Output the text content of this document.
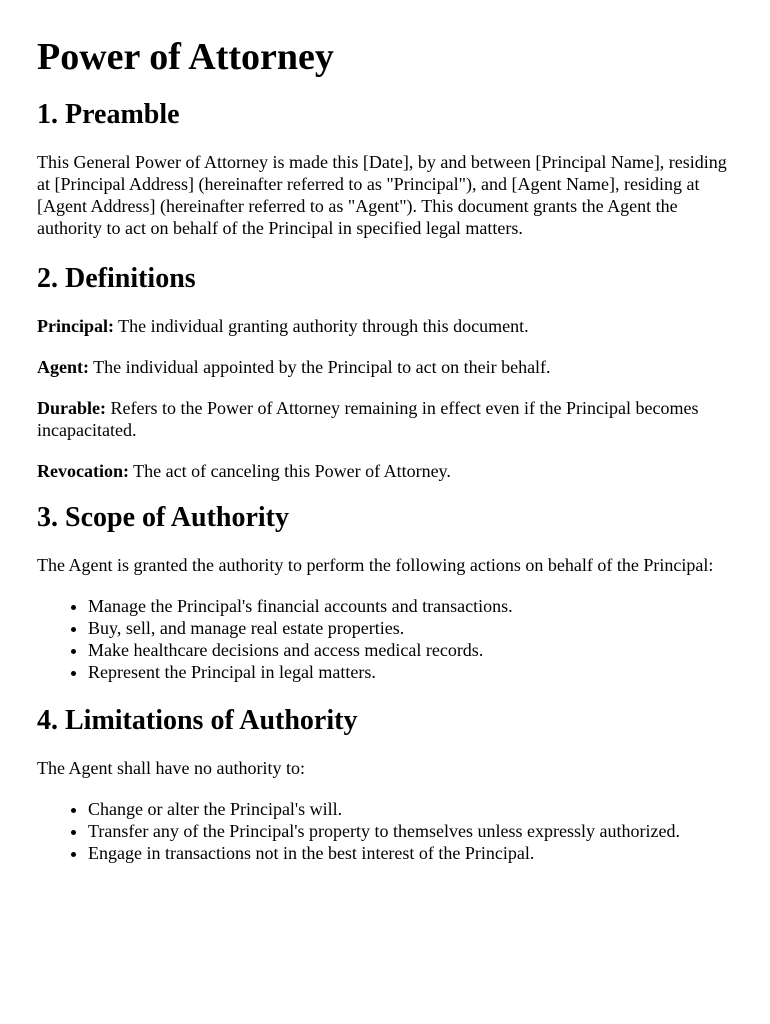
Power of Attorney
1. Preamble

This General Power of Attorney is made this [Date], by and between [Principal Name], residing at [Principal Address] (hereinafter referred to as "Principal"), and [Agent Name], residing at [Agent Address] (hereinafter referred to as "Agent"). This document grants the Agent the authority to act on behalf of the Principal in specified legal matters.

2. Definitions

Principal: The individual granting authority through this document.

Agent: The individual appointed by the Principal to act on their behalf.

Durable: Refers to the Power of Attorney remaining in effect even if the Principal becomes incapacitated.

Revocation: The act of canceling this Power of Attorney.

3. Scope of Authority

The Agent is granted the authority to perform the following actions on behalf of the Principal:

• Manage the Principal's financial accounts and transactions.
• Buy, sell, and manage real estate properties.
• Make healthcare decisions and access medical records.
• Represent the Principal in legal matters.
4. Limitations of Authority

The Agent shall have no authority to:

• Change or alter the Principal's will.
• Transfer any of the Principal's property to themselves unless expressly authorized.
• Engage in transactions not in the best interest of the Principal.
